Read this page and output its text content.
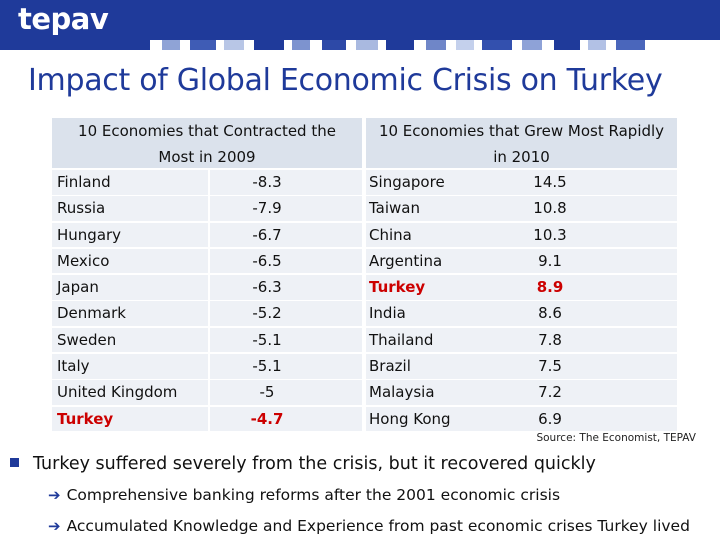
tepav
Impact of Global Economic Crisis on Turkey
10 Economies that Contracted the
Most in 2009
10 Economies that Grew Most Rapidly
in 2010
Finland	-8.3	Singapore	14.5
Russia	-7.9	Taiwan	10.8
Hungary	-6.7	China	10.3
Mexico	-6.5	Argentina	9.1
Japan	-6.3	Turkey	8.9
Denmark	-5.2	India	8.6
Sweden	-5.1	Thailand	7.8
Italy	-5.1	Brazil	7.5
United Kingdom	-5	Malaysia	7.2
Turkey	-4.7	Hong Kong	6.9
Source: The Economist, TEPAV
Turkey suffered severely from the crisis, but it recovered quickly
➔ Comprehensive banking reforms after the 2001 economic crisis
➔ Accumulated Knowledge and Experience from past economic crises Turkey lived
